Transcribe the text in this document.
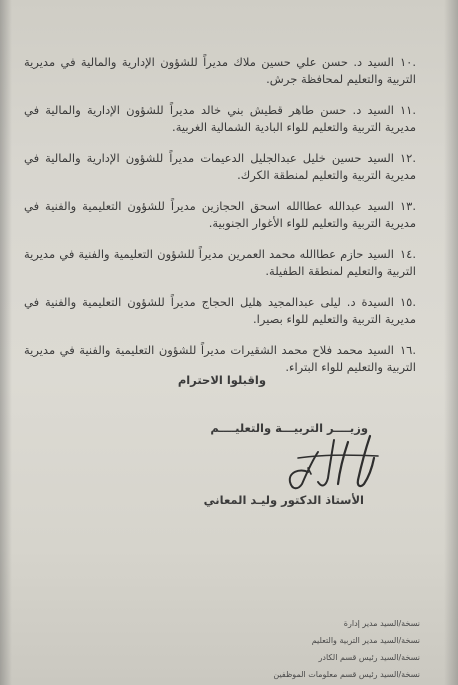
.١٠السيد د. حسن علي حسين ملاك مديراً للشؤون الإدارية والمالية في مديرية التربية والتعليم لمحافظة جرش.
.١١السيد د. حسن طاهر قطيش بني خالد مديراً للشؤون الإدارية والمالية في مديرية التربية والتعليم للواء البادية الشمالية الغربية.
.١٢السيد حسين خليل عبدالجليل الدعيمات مديراً للشؤون الإدارية والمالية في مديرية التربية والتعليم لمنطقة الكرك.
.١٣السيد عبدالله عطاالله اسحق الحجازين مديراً للشؤون التعليمية والفنية في مديرية التربية والتعليم للواء الأغوار الجنوبية.
.١٤السيد حازم عطاالله محمد العمرين مديراً للشؤون التعليمية والفنية في مديرية التربية والتعليم لمنطقة الطفيلة.
.١٥السيدة د. ليلى عبدالمجيد هليل الحجاج مديراً للشؤون التعليمية والفنية في مديرية التربية والتعليم للواء بصيرا.
.١٦السيد محمد فلاح محمد الشقيرات مديراً للشؤون التعليمية والفنية في مديرية التربية والتعليم للواء البتراء.
واقبلوا الاحترام
وزيــــر التربيـــة والتعليــــم
الأستاذ الدكتور وليـد المعاني
نسخة/السيد مدير إدارة
نسخة/السيد مدير التربية والتعليم
نسخة/السيد رئيس قسم الكادر
نسخة/السيد رئيس قسم معلومات الموظفين
